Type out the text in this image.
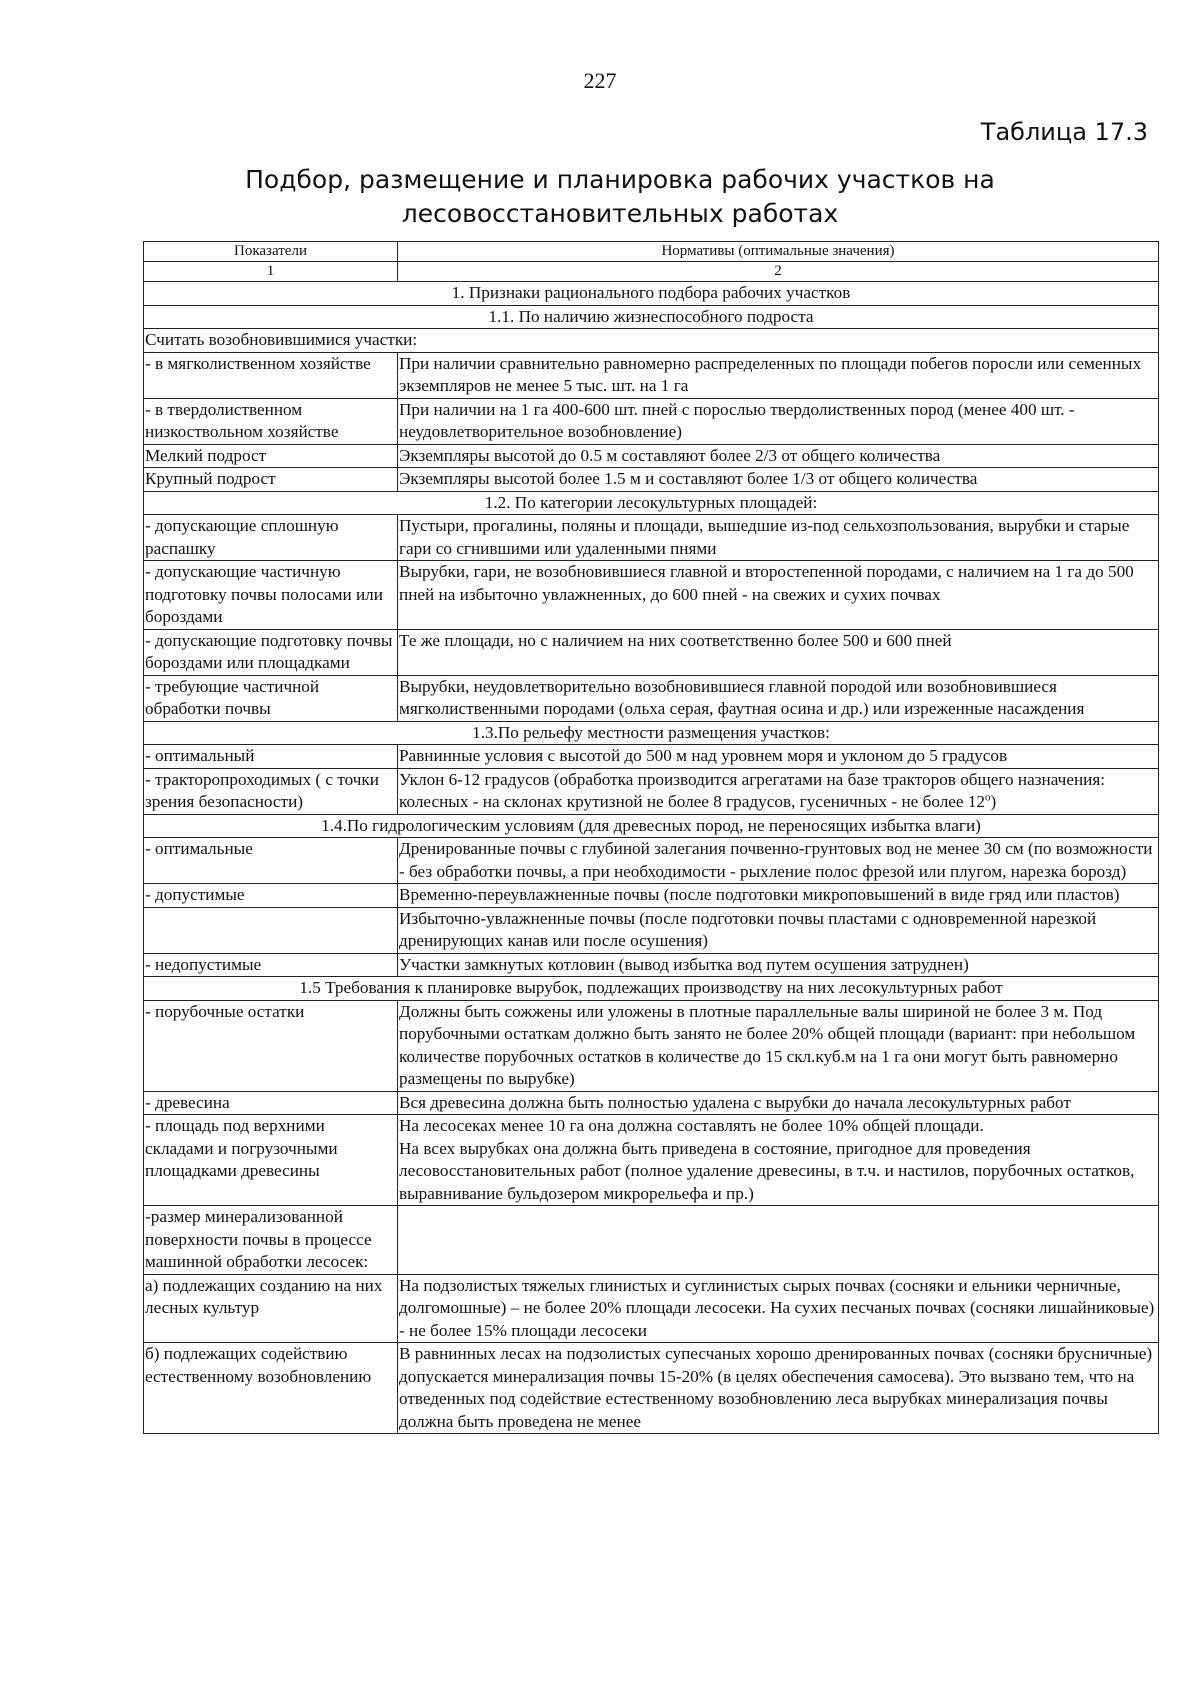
227
Таблица 17.3
Подбор, размещение и планировка рабочих участков на лесовосстановительных работах
Показатели	Нормативы (оптимальные значения)
1	2
1. Признаки рационального подбора рабочих участков	
1.1. По наличию жизнеспособного подроста	
Считать возобновившимися участки:	
- в мягколиственном хозяйстве	При наличии сравнительно равномерно распределенных по площади побегов поросли или семенных экземпляров не менее 5 тыс. шт. на 1 га
- в твердолиственном низкоствольном хозяйстве	При наличии на 1 га 400-600 шт. пней с порослью твердолиственных пород (менее 400 шт. - неудовлетворительное возобновление)
Мелкий подрост	Экземпляры высотой до 0.5 м составляют более 2/3 от общего количества
Крупный подрост	Экземпляры высотой более 1.5 м и составляют более 1/3 от общего количества
1.2. По категории лесокультурных площадей:	
- допускающие сплошную распашку	Пустыри, прогалины, поляны и площади, вышедшие из-под сельхозпользования, вырубки и старые гари со сгнившими или удаленными пнями
- допускающие частичную подготовку почвы полосами или бороздами	Вырубки, гари, не возобновившиеся главной и второстепенной породами, с наличием на 1 га до 500 пней на избыточно увлажненных, до 600 пней - на свежих и сухих почвах
- допускающие подготовку почвы бороздами или площадками	Те же площади, но с наличием на них соответственно более 500 и 600 пней
- требующие частичной обработки почвы	Вырубки, неудовлетворительно возобновившиеся главной породой или возобновившиеся мягколиственными породами (ольха серая, фаутная осина и др.) или изреженные насаждения
1.3.По рельефу местности размещения участков:	
- оптимальный	Равнинные условия с высотой до 500 м над уровнем моря и уклоном до 5 градусов
- тракторопроходимых ( с точки зрения безопасности)	Уклон 6-12 градусов (обработка производится агрегатами на базе тракторов общего назначения: колесных - на склонах крутизной не более 8 градусов, гусеничных - не более $12^о$)
1.4.По гидрологическим условиям (для древесных пород, не переносящих избытка влаги)	
- оптимальные	Дренированные почвы с глубиной залегания почвенно-грунтовых вод не менее 30 см (по возможности - без обработки почвы, а при необходимости - рыхление полос фрезой или плугом, нарезка борозд)
- допустимые	Временно-переувлажненные почвы (после подготовки микроповышений в виде гряд или пластов)
	Избыточно-увлажненные почвы (после подготовки почвы пластами с одновременной нарезкой дренирующих канав или после осушения)
- недопустимые	Участки замкнутых котловин (вывод избытка вод путем осушения затруднен)
1.5 Требования к планировке вырубок, подлежащих производству на них лесокультурных работ	
- порубочные остатки	Должны быть сожжены или уложены в плотные параллельные валы шириной не более 3 м. Под порубочными остаткам должно быть занято не более 20% общей площади (вариант: при небольшом количестве порубочных остатков в количестве до 15 скл.куб.м на 1 га они могут быть равномерно размещены по вырубке)
- древесина	Вся древесина должна быть полностью удалена с вырубки до начала лесокультурных работ
- площадь под верхними складами и погрузочными площадками древесины	На лесосеках менее 10 га она должна составлять не более 10% общей площади.
На всех вырубках она должна быть приведена в состояние, пригодное для проведения лесовосстановительных работ (полное удаление древесины, в т.ч. и настилов, порубочных остатков, выравнивание бульдозером микрорельефа и пр.)

-размер минерализованной поверхности почвы в процессе машинной обработки лесосек:	
а) подлежащих созданию на них лесных культур	На подзолистых тяжелых глинистых и суглинистых сырых почвах (сосняки и ельники черничные, долгомошные) – не более 20% площади лесосеки. На сухих песчаных почвах (сосняки лишайниковые) - не более 15% площади лесосеки
б) подлежащих содействию естественному возобновлению	В равнинных лесах на подзолистых супесчаных хорошо дренированных почвах (сосняки брусничные) допускается минерализация почвы 15-20% (в целях обеспечения самосева). Это вызвано тем, что на отведенных под содействие естественному возобновлению леса вырубках минерализация почвы должна быть проведена не менее
